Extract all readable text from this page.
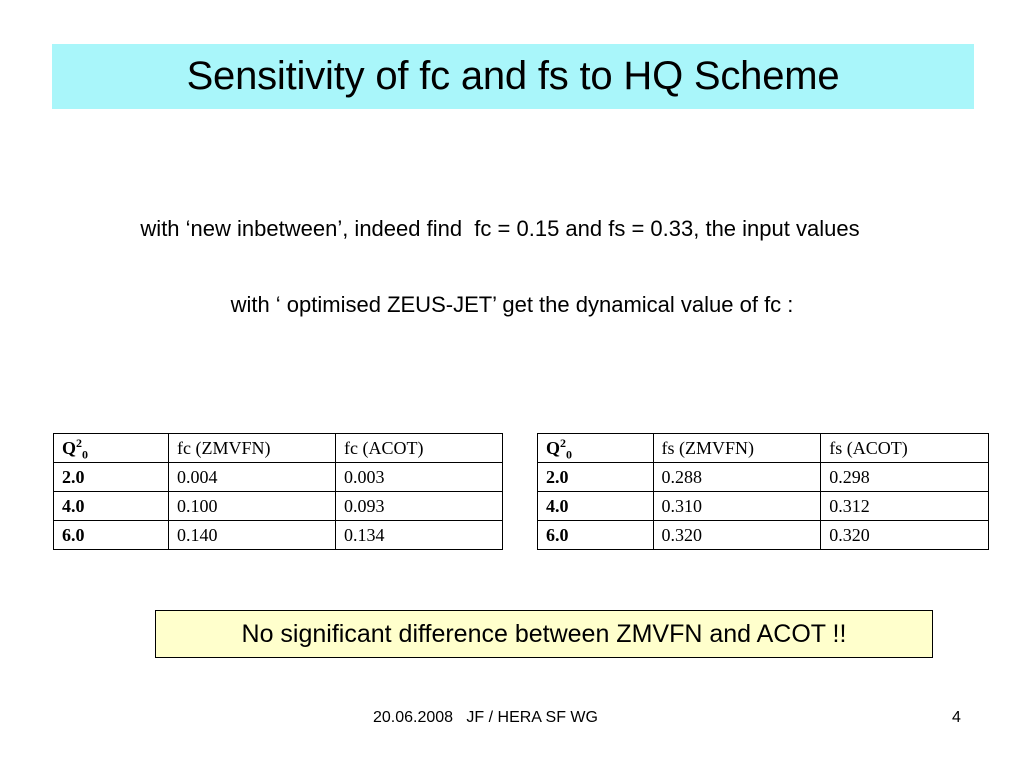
Sensitivity of fc and fs to HQ Scheme
with ‘new inbetween’, indeed find  fc = 0.15 and fs = 0.33, the input values
with ‘ optimised ZEUS-JET’ get the dynamical value of fc :
$Q^2_0$	fc (ZMVFN)	fc (ACOT)
2.0	0.004	0.003
4.0	0.100	0.093
6.0	0.140	0.134
$Q^2_0$	fs (ZMVFN)	fs (ACOT)
2.0	0.288	0.298
4.0	0.310	0.312
6.0	0.320	0.320
No significant difference between ZMVFN and ACOT !!
20.06.2008   JF / HERA SF WG	4
